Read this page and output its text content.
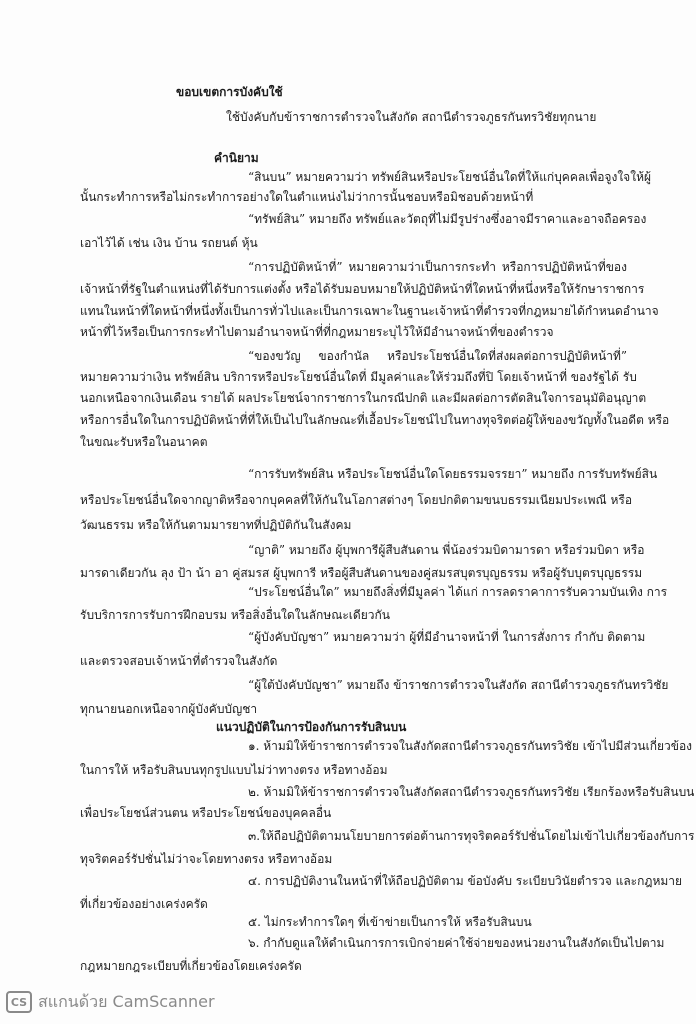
ขอบเขตการบังคับใช้
ใช้บังคับกับข้าราชการตำรวจในสังกัด สถานีตำรวจภูธรกันทรวิชัยทุกนาย
คำนิยาม
“สินบน” หมายความว่า ทรัพย์สินหรือประโยชน์อื่นใดที่ให้แก่บุคคลเพื่อจูงใจให้ผู้
นั้นกระทำการหรือไม่กระทำการอย่างใดในตำแหน่งไม่ว่าการนั้นชอบหรือมิชอบด้วยหน้าที่
“ทรัพย์สิน” หมายถึง ทรัพย์และวัตถุที่ไม่มีรูปร่างซึ่งอาจมีราคาและอาจถือครอง
เอาไว้ได้ เช่น เงิน บ้าน รถยนต์ หุ้น
“การปฏิบัติหน้าที่” หมายความว่าเป็นการกระทำ หรือการปฏิบัติหน้าที่ของ
เจ้าหน้าที่รัฐในตำแหน่งที่ได้รับการแต่งตั้ง หรือได้รับมอบหมายให้ปฏิบัติหน้าที่ใดหน้าที่หนึ่งหรือให้รักษาราชการ
แทนในหน้าที่ใดหน้าที่หนึ่งทั้งเป็นการทั่วไปและเป็นการเฉพาะในฐานะเจ้าหน้าที่ตำรวจที่กฎหมายได้กำหนดอำนาจ
หน้าที่ไว้หรือเป็นการกระทำไปตามอำนาจหน้าที่ที่กฎหมายระบุไว้ให้มีอำนาจหน้าที่ของตำรวจ
“ของขวัญ ของกำนัล หรือประโยชน์อื่นใดที่ส่งผลต่อการปฏิบัติหน้าที่”
หมายความว่าเงิน ทรัพย์สิน บริการหรือประโยชน์อื่นใดที่ มีมูลค่าและให้ร่วมถึงที่ปิ โดยเจ้าหน้าที่ ของรัฐได้ รับ
นอกเหนือจากเงินเดือน รายได้ ผลประโยชน์จากราชการในกรณีปกติ และมีผลต่อการตัดสินใจการอนุมัติอนุญาต
หรือการอื่นใดในการปฏิบัติหน้าที่ที่ให้เป็นไปในลักษณะที่เอื้อประโยชน์ไปในทางทุจริตต่อผู้ให้ของขวัญทั้งในอดีต หรือ
ในขณะรับหรือในอนาคต
“การรับทรัพย์สิน หรือประโยชน์อื่นใดโดยธรรมจรรยา” หมายถึง การรับทรัพย์สิน
หรือประโยชน์อื่นใดจากญาติหรือจากบุคคลที่ให้กันในโอกาสต่างๆ โดยปกติตามขนบธรรมเนียมประเพณี หรือ
วัฒนธรรม หรือให้กันตามมารยาทที่ปฏิบัติกันในสังคม
“ญาติ” หมายถึง ผู้บุพการีผู้สืบสันดาน พี่น้องร่วมบิดามารดา หรือร่วมบิดา หรือ
มารดาเดียวกัน ลุง ป้า น้า อา คู่สมรส ผู้บุพการี หรือผู้สืบสันดานของคู่สมรสบุตรบุญธรรม หรือผู้รับบุตรบุญธรรม
“ประโยชน์อื่นใด” หมายถึงสิ่งที่มีมูลค่า ได้แก่ การลดราคาการรับความบันเทิง การ
รับบริการการรับการฝึกอบรม หรือสิ่งอื่นใดในลักษณะเดียวกัน
“ผู้บังคับบัญชา” หมายความว่า ผู้ที่มีอำนาจหน้าที่ ในการสั่งการ กำกับ ติดตาม
และตรวจสอบเจ้าหน้าที่ตำรวจในสังกัด
“ผู้ใต้บังคับบัญชา” หมายถึง ข้าราชการตำรวจในสังกัด สถานีตำรวจภูธรกันทรวิชัย
ทุกนายนอกเหนือจากผู้บังคับบัญชา
แนวปฏิบัติในการป้องกันการรับสินบน
๑. ห้ามมิให้ข้าราชการตำรวจในสังกัดสถานีตำรวจภูธรกันทรวิชัย เข้าไปมีส่วนเกี่ยวข้อง
ในการให้ หรือรับสินบนทุกรูปแบบไม่ว่าทางตรง หรือทางอ้อม
๒. ห้ามมิให้ข้าราชการตำรวจในสังกัดสถานีตำรวจภูธรกันทรวิชัย เรียกร้องหรือรับสินบน
เพื่อประโยชน์ส่วนตน หรือประโยชน์ของบุคคลอื่น
๓.ให้ถือปฏิบัติตามนโยบายการต่อต้านการทุจริตคอร์รัปชั่นโดยไม่เข้าไปเกี่ยวข้องกับการ
ทุจริตคอร์รัปชั่นไม่ว่าจะโดยทางตรง หรือทางอ้อม
๔. การปฏิบัติงานในหน้าที่ให้ถือปฏิบัติตาม ข้อบังคับ ระเบียบวินัยตำรวจ และกฎหมาย
ที่เกี่ยวข้องอย่างเคร่งครัด
๕. ไม่กระทำการใดๆ ที่เข้าข่ายเป็นการให้ หรือรับสินบน
๖. กำกับดูแลให้ดำเนินการการเบิกจ่ายค่าใช้จ่ายของหน่วยงานในสังกัดเป็นไปตาม
กฎหมายกฎระเบียบที่เกี่ยวข้องโดยเคร่งครัด
CS สแกนด้วย CamScanner
